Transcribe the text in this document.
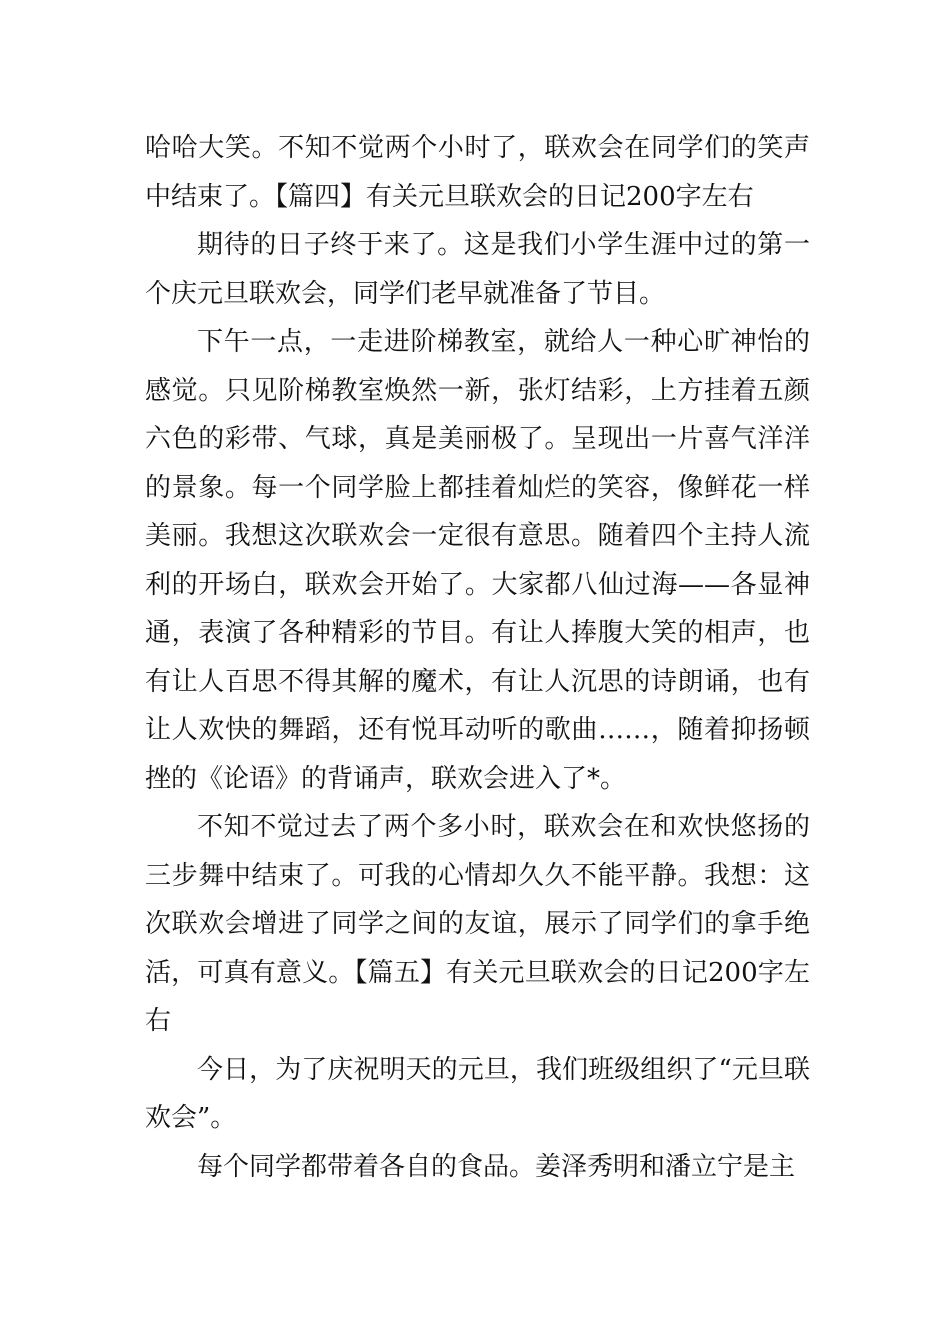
哈哈大笑。不知不觉两个小时了，联欢会在同学们的笑声中结束了。【篇四】有关元旦联欢会的日记200字左右

期待的日子终于来了。这是我们小学生涯中过的第一个庆元旦联欢会，同学们老早就准备了节目。

下午一点，一走进阶梯教室，就给人一种心旷神怡的感觉。只见阶梯教室焕然一新，张灯结彩，上方挂着五颜六色的彩带、气球，真是美丽极了。呈现出一片喜气洋洋的景象。每一个同学脸上都挂着灿烂的笑容，像鲜花一样美丽。我想这次联欢会一定很有意思。随着四个主持人流利的开场白，联欢会开始了。大家都八仙过海——各显神通，表演了各种精彩的节目。有让人捧腹大笑的相声，也有让人百思不得其解的魔术，有让人沉思的诗朗诵，也有让人欢快的舞蹈，还有悦耳动听的歌曲……，随着抑扬顿挫的《论语》的背诵声，联欢会进入了*。

不知不觉过去了两个多小时，联欢会在和欢快悠扬的三步舞中结束了。可我的心情却久久不能平静。我想：这次联欢会增进了同学之间的友谊，展示了同学们的拿手绝活，可真有意义。【篇五】有关元旦联欢会的日记200字左右

今日，为了庆祝明天的元旦，我们班级组织了“元旦联欢会”。

每个同学都带着各自的食品。姜泽秀明和潘立宁是主
